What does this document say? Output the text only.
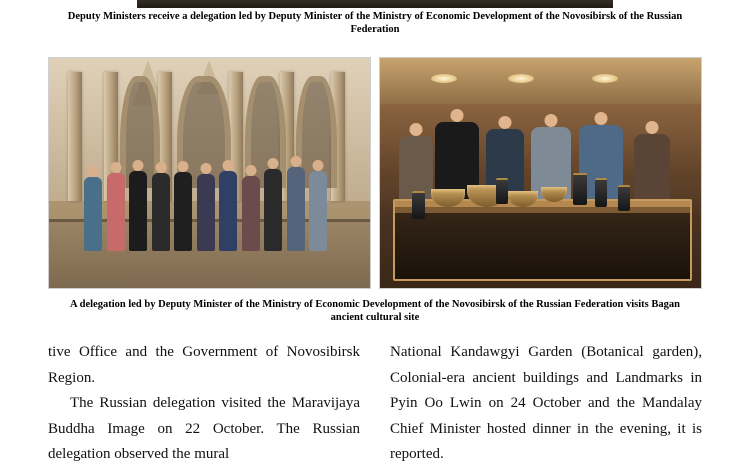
Deputy Ministers receive a delegation led by Deputy Minister of the Ministry of Economic Development of the Novosibirsk of the Russian Federation
A delegation led by Deputy Minister of the Ministry of Economic Development of the Novosibirsk of the Russian Federation visits Bagan ancient cultural site

tive Office and the Government of Novosibirsk Region.

The Russian delegation visited the Maravijaya Buddha Image on 22 October. The Russian delegation observed the mural

National Kandawgyi Garden (Botanical garden), Colonial-era ancient buildings and Landmarks in Pyin Oo Lwin on 24 October and the Mandalay Chief Minister hosted dinner in the evening, it is reported.
